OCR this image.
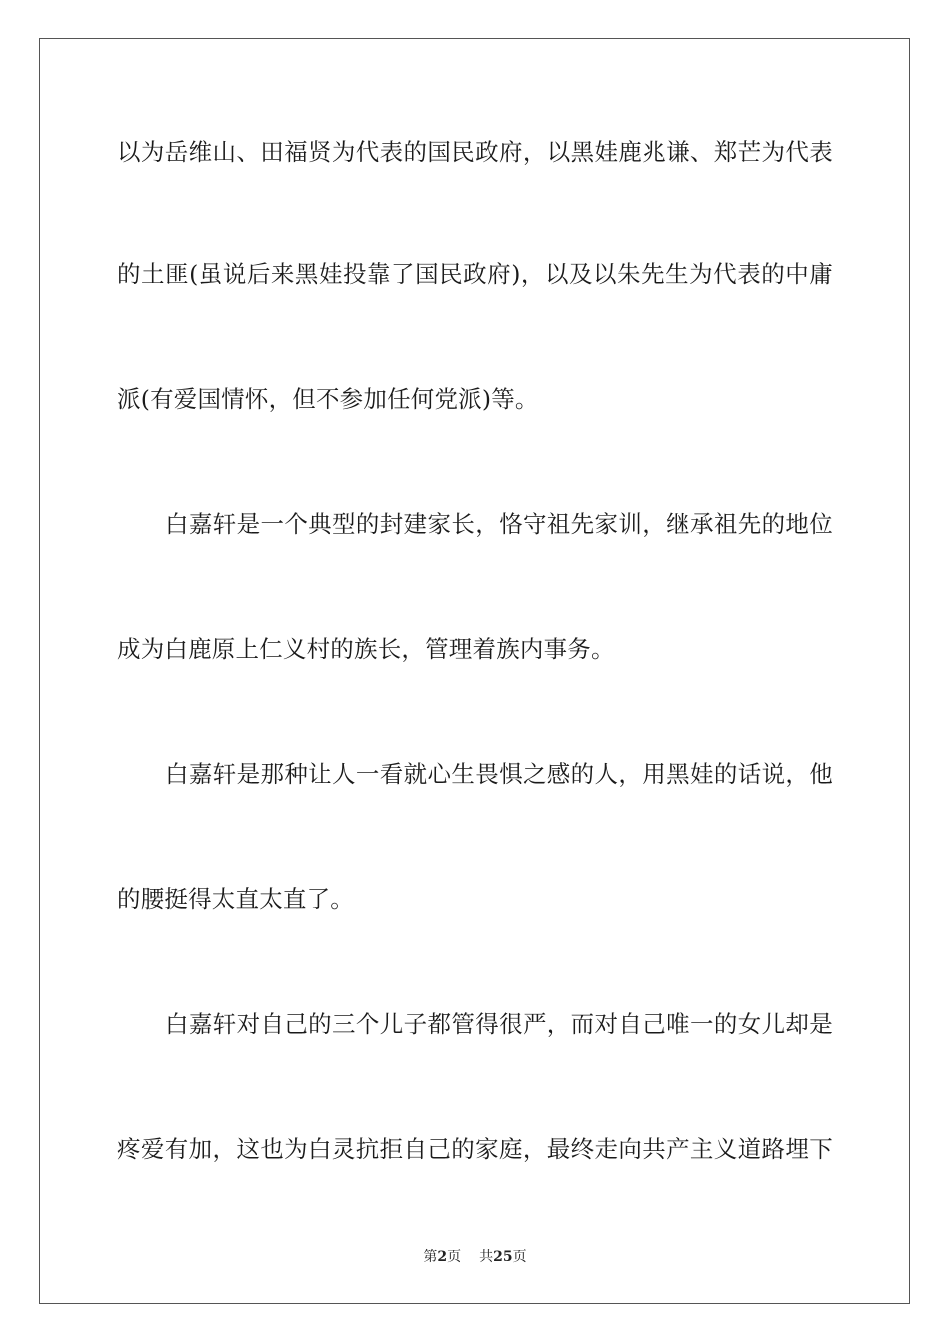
以为岳维山、田福贤为代表的国民政府，以黑娃鹿兆谦、郑芒为代表
的土匪(虽说后来黑娃投靠了国民政府)，以及以朱先生为代表的中庸
派(有爱国情怀，但不参加任何党派)等。
白嘉轩是一个典型的封建家长，恪守祖先家训，继承祖先的地位
成为白鹿原上仁义村的族长，管理着族内事务。
白嘉轩是那种让人一看就心生畏惧之感的人，用黑娃的话说，他
的腰挺得太直太直了。
白嘉轩对自己的三个儿子都管得很严，而对自己唯一的女儿却是
疼爱有加，这也为白灵抗拒自己的家庭，最终走向共产主义道路埋下
第2页 共25页
